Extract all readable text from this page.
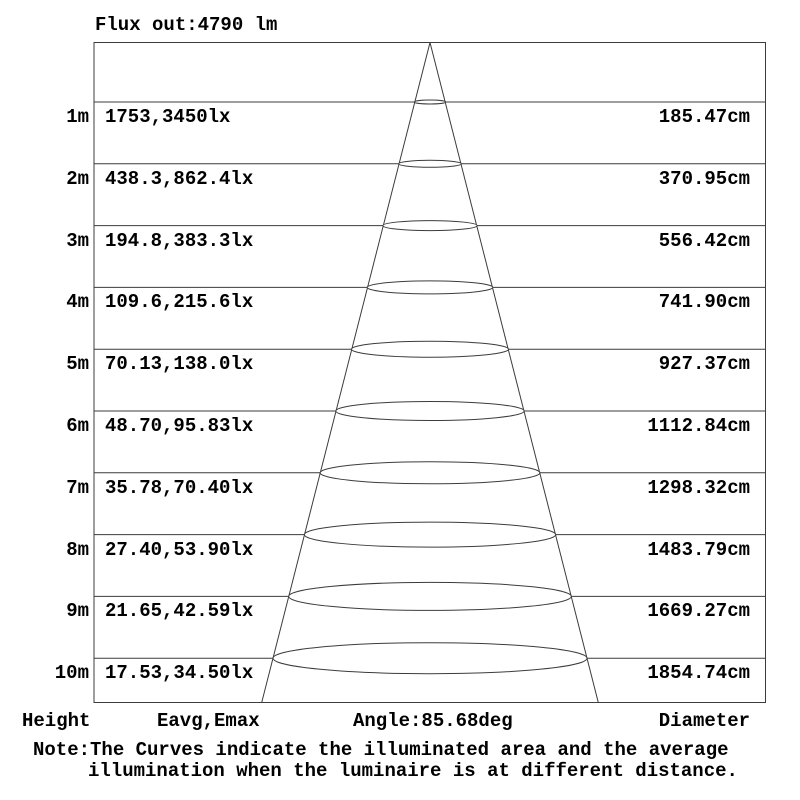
Flux out:4790 lm
1m 1753,3450lx	185.47cm
2m 438.3,862.4lx	370.95cm
3m 194.8,383.3lx	556.42cm
4m 109.6,215.6lx	741.90cm
5m 70.13,138.0lx	927.37cm
6m 48.70,95.83lx	1112.84cm
7m 35.78,70.40lx	1298.32cm
8m 27.40,53.90lx	1483.79cm
9m 21.65,42.59lx	1669.27cm
10m 17.53,34.50lx	1854.74cm
Height	Eavg,Emax	Angle:85.68deg	Diameter
Note:The Curves indicate the illuminated area and the average
illumination when the luminaire is at different distance.
